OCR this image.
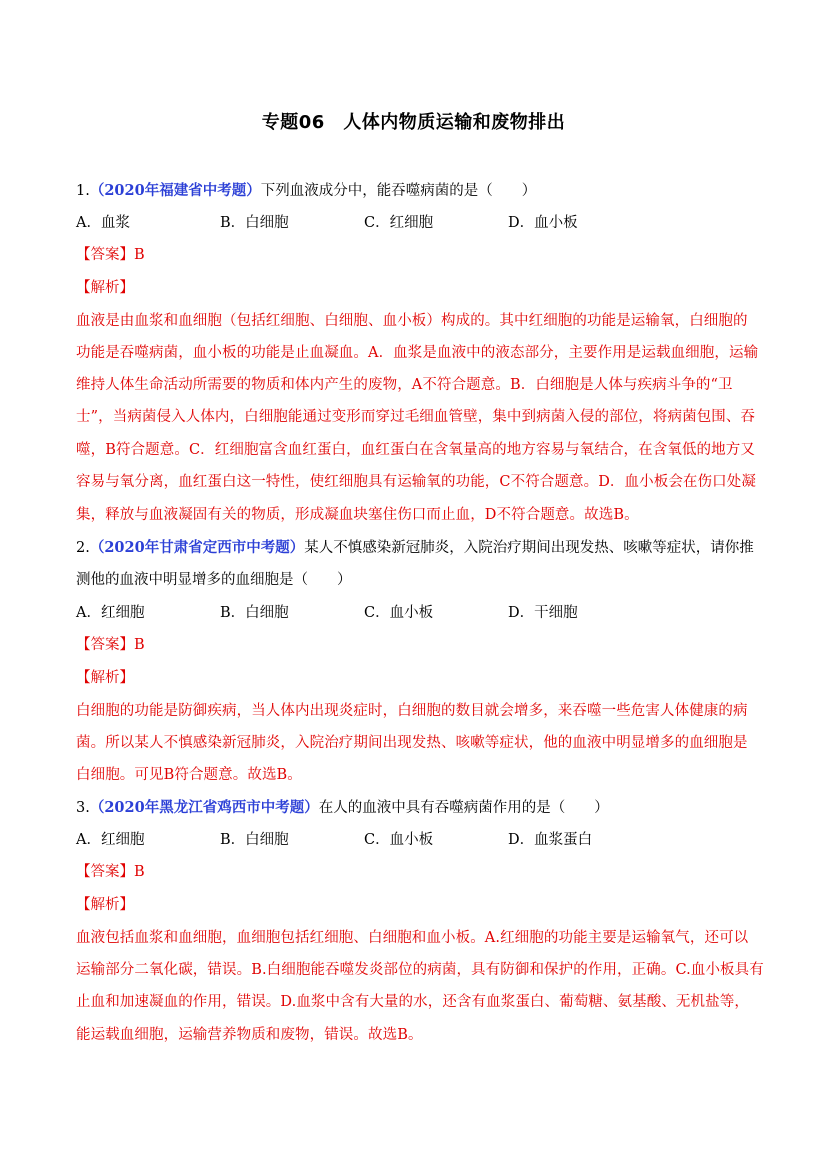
专题06　人体内物质运输和废物排出
1.（2020年福建省中考题）下列血液成分中，能吞噬病菌的是（　　）
A．血浆	B．白细胞	C．红细胞	D．血小板
【答案】B
【解析】
血液是由血浆和血细胞（包括红细胞、白细胞、血小板）构成的。其中红细胞的功能是运输氧，白细胞的
功能是吞噬病菌，血小板的功能是止血凝血。A．血浆是血液中的液态部分，主要作用是运载血细胞，运输
维持人体生命活动所需要的物质和体内产生的废物，A不符合题意。B．白细胞是人体与疾病斗争的“卫
士”，当病菌侵入人体内，白细胞能通过变形而穿过毛细血管壁，集中到病菌入侵的部位，将病菌包围、吞
噬，B符合题意。C．红细胞富含血红蛋白，血红蛋白在含氧量高的地方容易与氧结合，在含氧低的地方又
容易与氧分离，血红蛋白这一特性，使红细胞具有运输氧的功能，C不符合题意。D．血小板会在伤口处凝
集，释放与血液凝固有关的物质，形成凝血块塞住伤口而止血，D不符合题意。故选B。
2.（2020年甘肃省定西市中考题）某人不慎感染新冠肺炎，入院治疗期间出现发热、咳嗽等症状，请你推
测他的血液中明显增多的血细胞是（　　）
A．红细胞	B．白细胞	C．血小板	D．干细胞
【答案】B
【解析】
白细胞的功能是防御疾病，当人体内出现炎症时，白细胞的数目就会增多，来吞噬一些危害人体健康的病
菌。所以某人不慎感染新冠肺炎，入院治疗期间出现发热、咳嗽等症状，他的血液中明显增多的血细胞是
白细胞。可见B符合题意。故选B。
3.（2020年黑龙江省鸡西市中考题）在人的血液中具有吞噬病菌作用的是（　　）
A．红细胞	B．白细胞	C．血小板	D．血浆蛋白
【答案】B
【解析】
血液包括血浆和血细胞，血细胞包括红细胞、白细胞和血小板。A.红细胞的功能主要是运输氧气，还可以
运输部分二氧化碳，错误。B.白细胞能吞噬发炎部位的病菌，具有防御和保护的作用，正确。C.血小板具有
止血和加速凝血的作用，错误。D.血浆中含有大量的水，还含有血浆蛋白、葡萄糖、氨基酸、无机盐等，
能运载血细胞，运输营养物质和废物，错误。故选B。
